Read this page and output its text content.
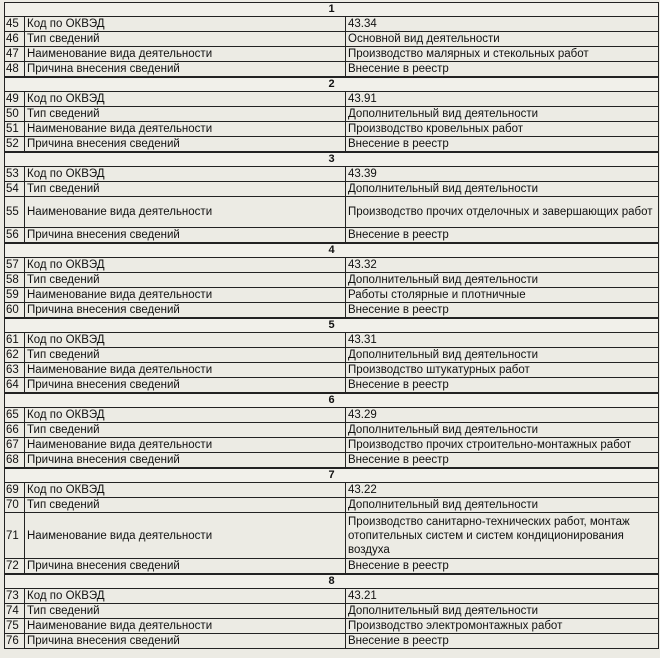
1
45 Код по ОКВЭД	43.34
46 Тип сведений	Основной вид деятельности
47 Наименование вида деятельности	Производство малярных и стекольных работ
48 Причина внесения сведений	Внесение в реестр
2
49 Код по ОКВЭД	43.91
50 Тип сведений	Дополнительный вид деятельности
51 Наименование вида деятельности	Производство кровельных работ
52 Причина внесения сведений	Внесение в реестр
3
53 Код по ОКВЭД	43.39
54 Тип сведений	Дополнительный вид деятельности
55 Наименование вида деятельности	Производство прочих отделочных и завершающих работ
56 Причина внесения сведений	Внесение в реестр
4
57 Код по ОКВЭД	43.32
58 Тип сведений	Дополнительный вид деятельности
59 Наименование вида деятельности	Работы столярные и плотничные
60 Причина внесения сведений	Внесение в реестр
5
61 Код по ОКВЭД	43.31
62 Тип сведений	Дополнительный вид деятельности
63 Наименование вида деятельности	Производство штукатурных работ
64 Причина внесения сведений	Внесение в реестр
6
65 Код по ОКВЭД	43.29
66 Тип сведений	Дополнительный вид деятельности
67 Наименование вида деятельности	Производство прочих строительно-монтажных работ
68 Причина внесения сведений	Внесение в реестр
7
69 Код по ОКВЭД	43.22
70 Тип сведений	Дополнительный вид деятельности
71 Наименование вида деятельности
Производство санитарно-технических работ, монтаж отопительных систем и систем кондиционирования воздуха
72 Причина внесения сведений	Внесение в реестр
8
73 Код по ОКВЭД	43.21
74 Тип сведений	Дополнительный вид деятельности
75 Наименование вида деятельности	Производство электромонтажных работ
76 Причина внесения сведений	Внесение в реестр
